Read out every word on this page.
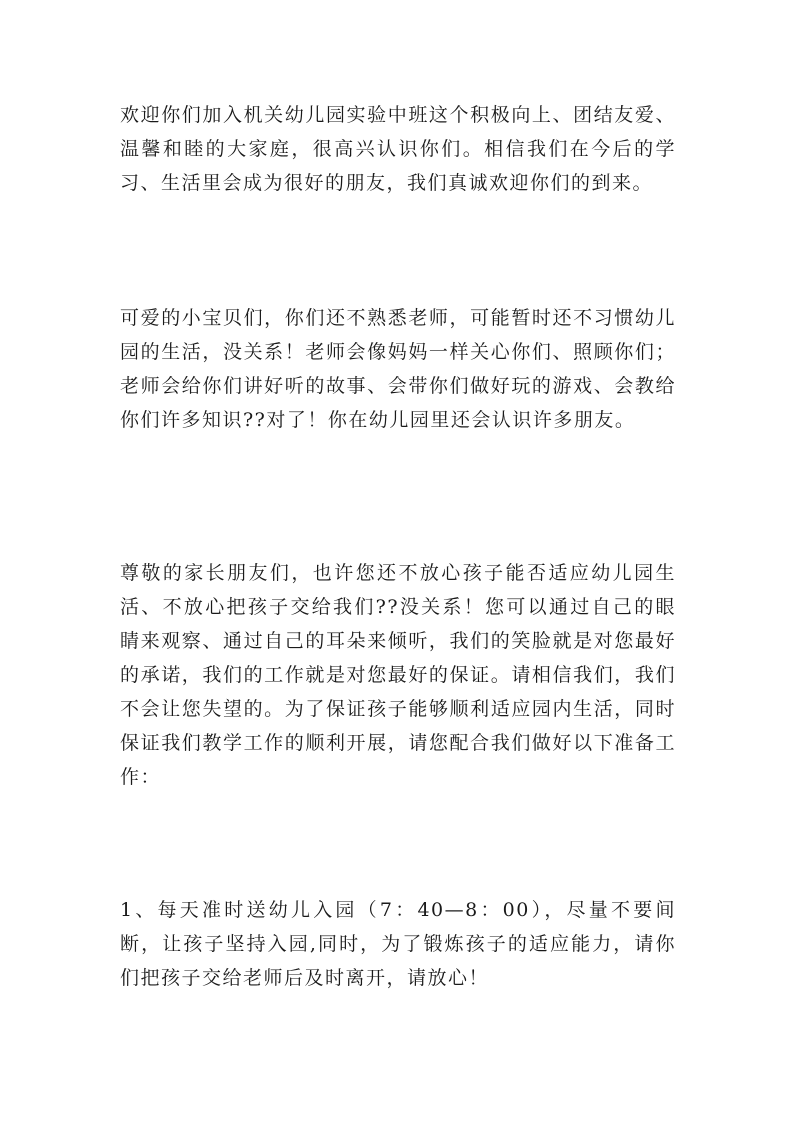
欢迎你们加入机关幼儿园实验中班这个积极向上、团结友爱、温馨和睦的大家庭，很高兴认识你们。相信我们在今后的学习、生活里会成为很好的朋友，我们真诚欢迎你们的到来。

可爱的小宝贝们，你们还不熟悉老师，可能暂时还不习惯幼儿园的生活，没关系！老师会像妈妈一样关心你们、照顾你们；老师会给你们讲好听的故事、会带你们做好玩的游戏、会教给你们许多知识??对了！你在幼儿园里还会认识许多朋友。

尊敬的家长朋友们，也许您还不放心孩子能否适应幼儿园生活、不放心把孩子交给我们??没关系！您可以通过自己的眼睛来观察、通过自己的耳朵来倾听，我们的笑脸就是对您最好的承诺，我们的工作就是对您最好的保证。请相信我们，我们不会让您失望的。为了保证孩子能够顺利适应园内生活，同时保证我们教学工作的顺利开展，请您配合我们做好以下准备工作：

1、每天准时送幼儿入园（7：40—8：00），尽量不要间断，让孩子坚持入园,同时，为了锻炼孩子的适应能力，请你们把孩子交给老师后及时离开，请放心！
